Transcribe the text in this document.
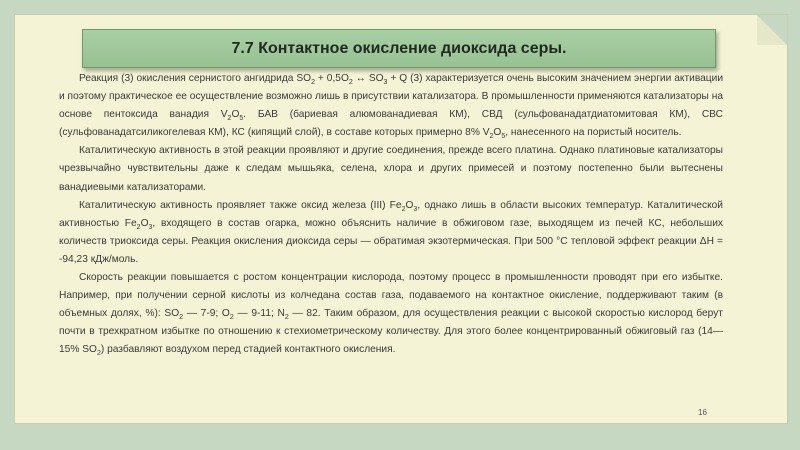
7.7 Контактное окисление диоксида серы.

Реакция (3) окисления сернистого ангидрида $SO_2 + 0,5O_2$ ↔ $SO_3 + Q$ (3) характеризуется очень высоким значением энергии активации и поэтому практическое ее осуществление возможно лишь в присутствии катализатора. В промышленности применяются катализаторы на основе пентоксида ванадия $V_2O_5$. БАВ (бариевая алюмованадиевая КМ), СВД (сульфованадатдиатомитовая КМ), СВС (сульфованадатсиликогелевая КМ), КС (кипящий слой), в составе которых примерно 8% $V_2O_5$, нанесенного на пористый носитель.

Каталитическую активность в этой реакции проявляют и другие соединения, прежде всего платина. Однако платиновые катализаторы чрезвычайно чувствительны даже к следам мышьяка, селена, хлора и других примесей и поэтому постепенно были вытеснены ванадиевыми катализаторами.

Каталитическую активность проявляет также оксид железа (III) $Fe_2O_3$, однако лишь в области высоких температур. Каталитической активностью $Fe_2O_3$, входящего в состав огарка, можно объяснить наличие в обжиговом газе, выходящем из печей КС, небольших количеств триоксида серы. Реакция окисления диоксида серы — обратимая экзотермическая. При 500 °С тепловой эффект реакции ΔН = -94,23 кДж/моль.

Скорость реакции повышается с ростом концентрации кислорода, поэтому процесс в промышленности проводят при его избытке. Например, при получении серной кислоты из колчедана состав газа, подаваемого на контактное окисление, поддерживают таким (в объемных долях, %): $SO_2$ — 7-9; $O_2$ — 9-11; $N_2$ — 82. Таким образом, для осуществления реакции с высокой скоростью кислород берут почти в трехкратном избытке по отношению к стехиометрическому количеству. Для этого более концентрированный обжиговый газ (14—15% $SO_2$) разбавляют воздухом перед стадией контактного окисления.

16
